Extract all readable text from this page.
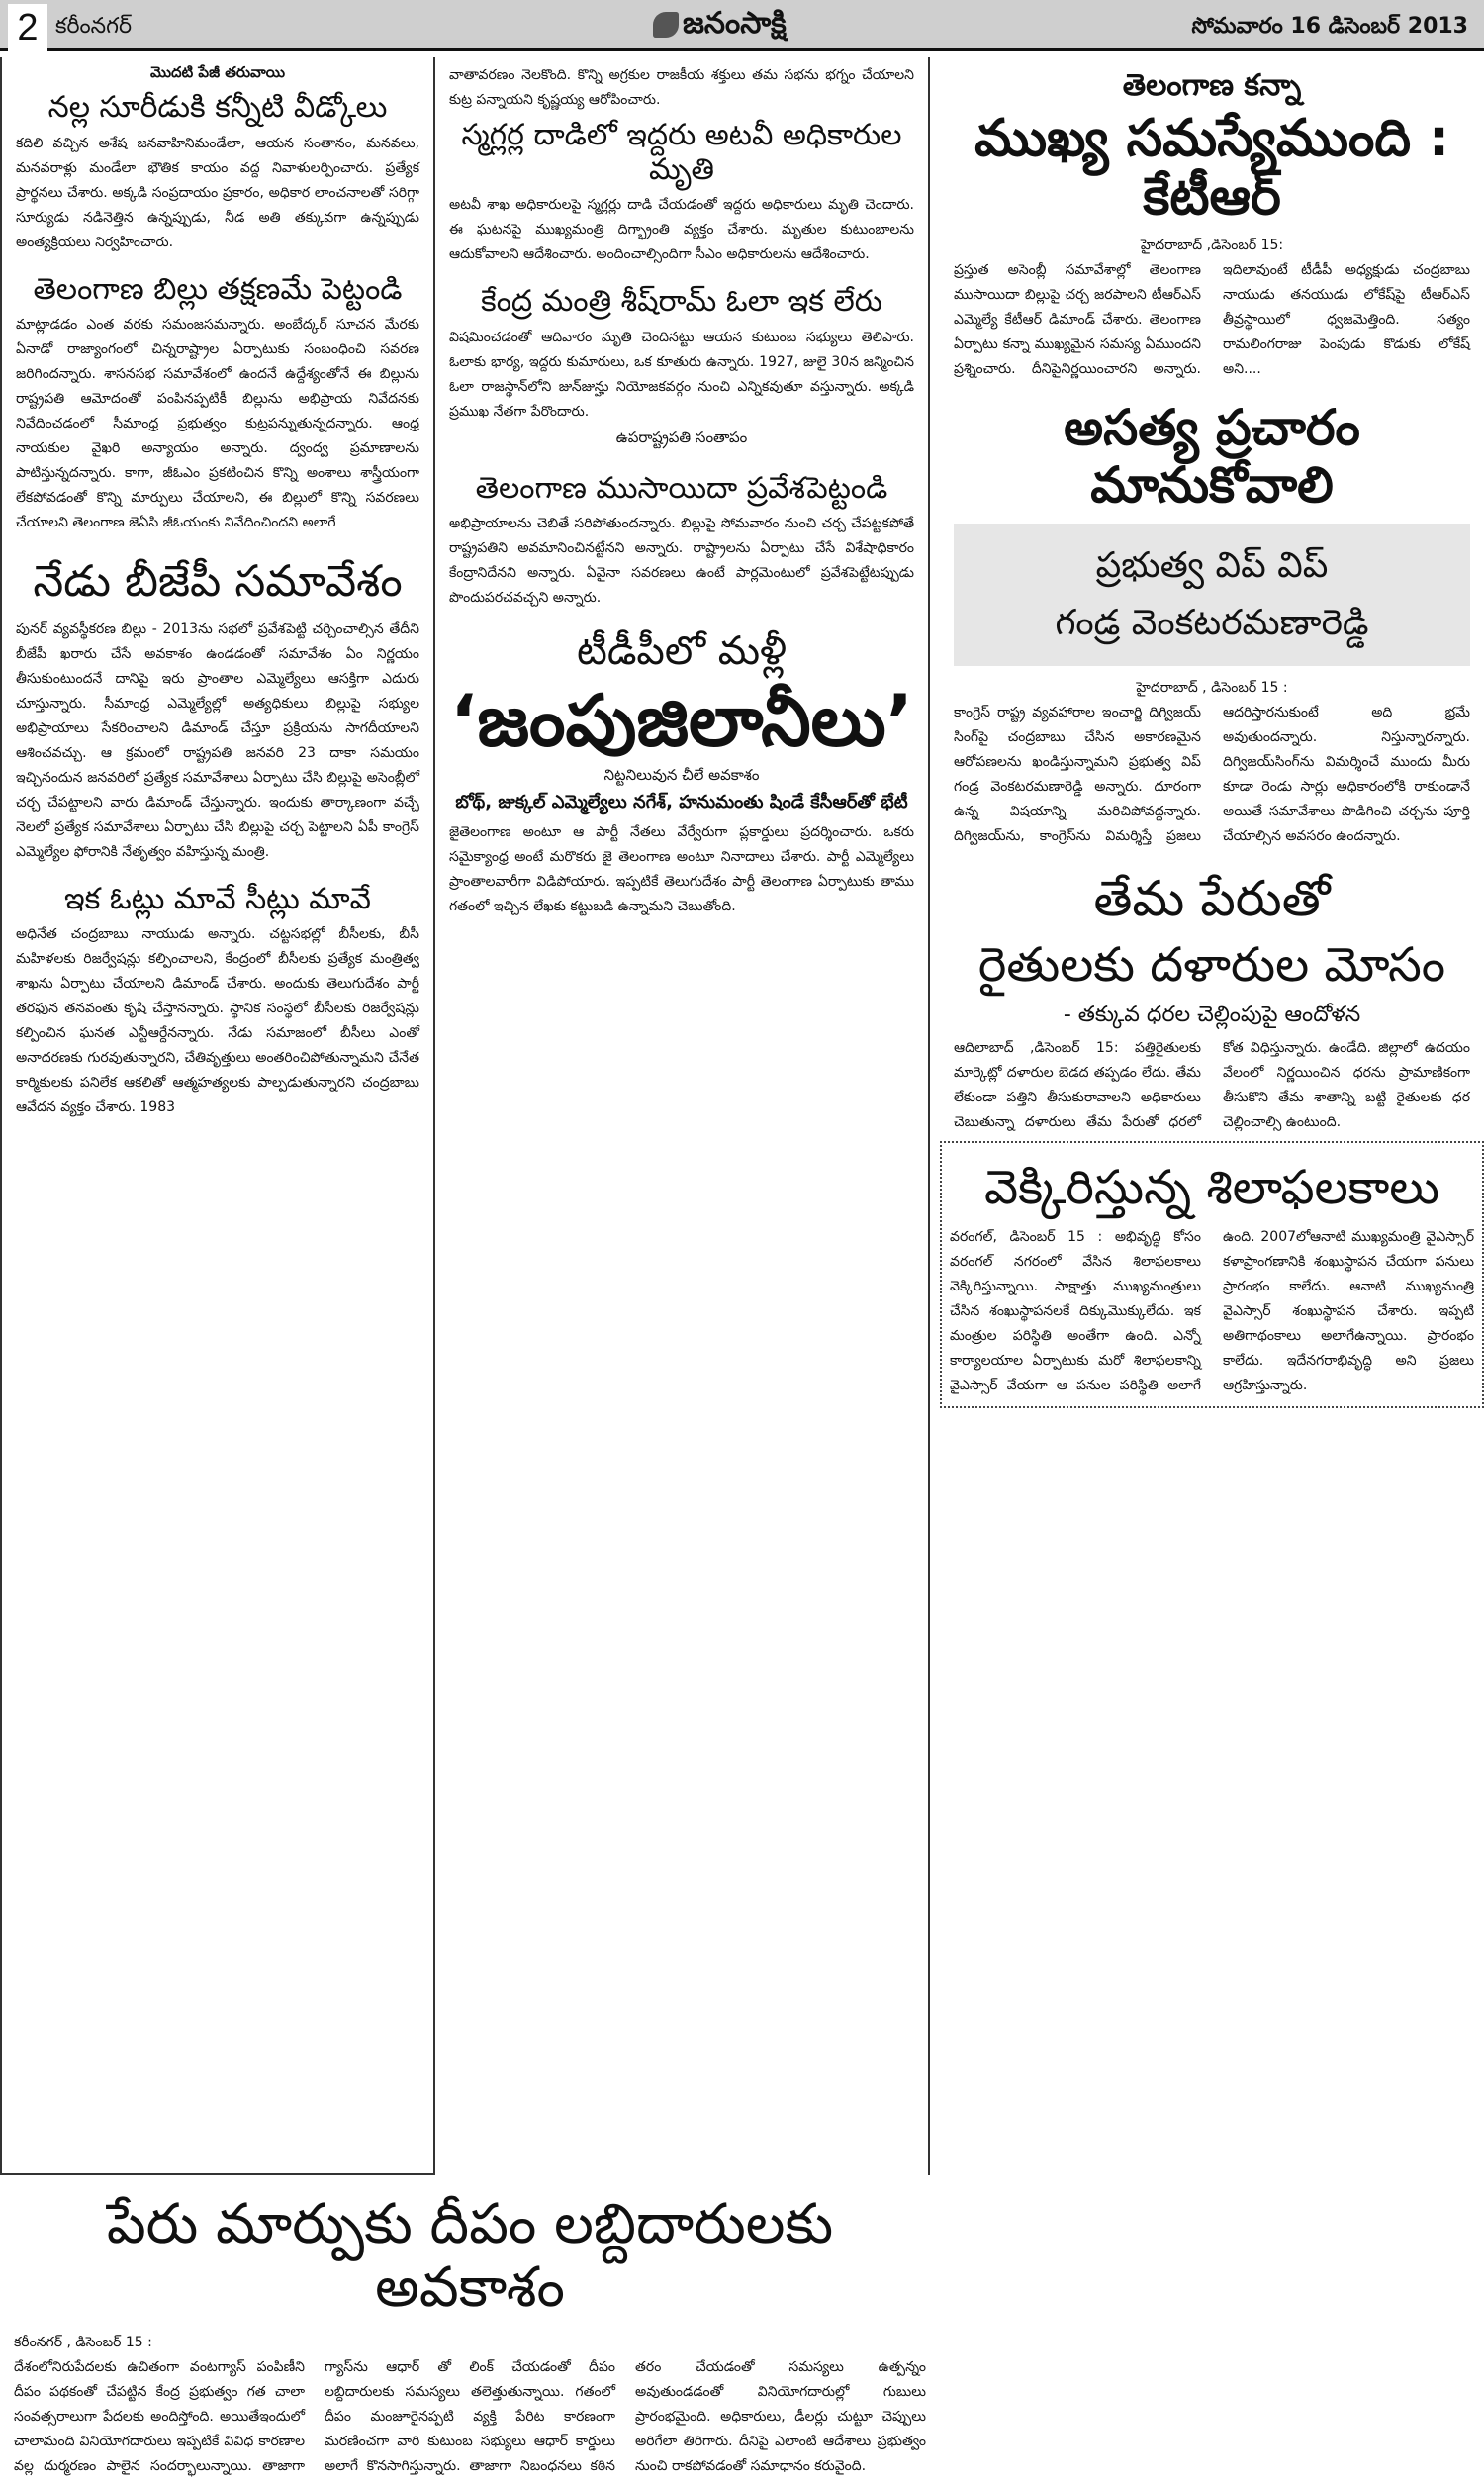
2 కరీంనగర్	జనంసాక్షి	సోమవారం 16 డిసెంబర్ 2013
మొదటి పేజీ తరువాయి
నల్ల సూరీడుకి కన్నీటి వీడ్కోలు

కదిలి వచ్చిన అశేష జనవాహినిమండేలా, ఆయన సంతానం, మనవలు, మనవరాళ్లు మండేలా భౌతిక కాయం వద్ద నివాళులర్పించారు. ప్రత్యేక ప్రార్థనలు చేశారు. అక్కడి సంప్రదాయం ప్రకారం, అధికార లాంచనాలతో సరిగ్గా సూర్యుడు నడినెత్తిన ఉన్నప్పుడు, నీడ అతి తక్కువగా ఉన్నప్పుడు అంత్యక్రియలు నిర్వహించారు.

తెలంగాణ బిల్లు తక్షణమే పెట్టండి

మాట్లాడడం ఎంత వరకు సమంజసమన్నారు. అంబేద్కర్ సూచన మేరకు ఏనాడో రాజ్యాంగంలో చిన్నరాష్ట్రాల ఏర్పాటుకు సంబంధించి సవరణ జరిగిందన్నారు. శాసనసభ సమావేశంలో ఉందనే ఉద్దేశ్యంతోనే ఈ బిల్లును రాష్ట్రపతి ఆమోదంతో పంపినప్పటికీ బిల్లును అభిప్రాయ నివేదనకు నివేదించడంలో సీమాంధ్ర ప్రభుత్వం కుట్రపన్నుతున్నదన్నారు. ఆంధ్ర నాయకుల వైఖరి అన్యాయం అన్నారు. ద్వంద్వ ప్రమాణాలను పాటిస్తున్నదన్నారు. కాగా, జీఓఎం ప్రకటించిన కొన్ని అంశాలు శాస్త్రీయంగా లేకపోవడంతో కొన్ని మార్పులు చేయాలని, ఈ బిల్లులో కొన్ని సవరణలు చేయాలని తెలంగాణ జెఏసి జీఓయంకు నివేదించిందని అలాగే

నేడు బీజేపీ సమావేశం

పునర్ వ్యవస్థీకరణ బిల్లు - 2013ను సభలో ప్రవేశపెట్టి చర్చించాల్సిన తేదీని బీజేపీ ఖరారు చేసే అవకాశం ఉండడంతో సమావేశం ఏం నిర్ణయం తీసుకుంటుందనే దానిపై ఇరు ప్రాంతాల ఎమ్మెల్యేలు ఆసక్తిగా ఎదురు చూస్తున్నారు. సీమాంధ్ర ఎమ్మెల్యేల్లో అత్యధికులు బిల్లుపై సభ్యుల అభిప్రాయాలు సేకరించాలని డిమాండ్ చేస్తూ ప్రక్రియను సాగదీయాలని ఆశించవచ్చు. ఆ క్రమంలో రాష్ట్రపతి జనవరి 23 దాకా సమయం ఇచ్చినందున జనవరిలో ప్రత్యేక సమావేశాలు ఏర్పాటు చేసి బిల్లుపై అసెంబ్లీలో చర్చ చేపట్టాలని వారు డిమాండ్ చేస్తున్నారు. ఇందుకు తార్కాణంగా వచ్చే నెలలో ప్రత్యేక సమావేశాలు ఏర్పాటు చేసి బిల్లుపై చర్చ పెట్టాలని ఏపీ కాంగ్రెస్ ఎమ్మెల్యేల ఫోరానికి నేతృత్వం వహిస్తున్న మంత్రి.

ఇక ఓట్లు మావే సీట్లు మావే

అధినేత చంద్రబాబు నాయుడు అన్నారు. చట్టసభల్లో బీసీలకు, బీసీ మహిళలకు రిజర్వేషన్లు కల్పించాలని, కేంద్రంలో బీసీలకు ప్రత్యేక మంత్రిత్వ శాఖను ఏర్పాటు చేయాలని డిమాండ్ చేశారు. అందుకు తెలుగుదేశం పార్టీ తరఫున తనవంతు కృషి చేస్తానన్నారు. స్థానిక సంస్థలో బీసీలకు రిజర్వేషన్లు కల్పించిన ఘనత ఎన్టీఆర్దేనన్నారు. నేడు సమాజంలో బీసీలు ఎంతో అనాదరణకు గురవుతున్నారని, చేతివృత్తులు అంతరించిపోతున్నామని చేనేత కార్మికులకు పనిలేక ఆకలితో ఆత్మహత్యలకు పాల్పడుతున్నారని చంద్రబాబు ఆవేదన వ్యక్తం చేశారు. 1983

వాతావరణం నెలకొంది. కొన్ని అగ్రకుల రాజకీయ శక్తులు తమ సభను భగ్నం చేయాలని కుట్ర పన్నాయని కృష్ణయ్య ఆరోపించారు.

స్మగ్లర్ల దాడిలో ఇద్దరు అటవీ అధికారుల మృతి

అటవీ శాఖ అధికారులపై స్మగ్లర్లు దాడి చేయడంతో ఇద్దరు అధికారులు మృతి చెందారు. ఈ ఘటనపై ముఖ్యమంత్రి దిగ్భ్రాంతి వ్యక్తం చేశారు. మృతుల కుటుంబాలను ఆదుకోవాలని ఆదేశించారు. అందించాల్సిందిగా సీఎం అధికారులను ఆదేశించారు.

కేంద్ర మంత్రి శీష్‌రామ్ ఓలా ఇక లేరు

విషమించడంతో ఆదివారం మృతి చెందినట్టు ఆయన కుటుంబ సభ్యులు తెలిపారు. ఓలాకు భార్య, ఇద్దరు కుమారులు, ఒక కూతురు ఉన్నారు. 1927, జులై 30న జన్మించిన ఓలా రాజస్థాన్‌లోని జున్‌జున్హు నియోజకవర్గం నుంచి ఎన్నికవుతూ వస్తున్నారు. అక్కడి ప్రముఖ నేతగా పేరొందారు.

ఉపరాష్ట్రపతి సంతాపం
తెలంగాణ ముసాయిదా ప్రవేశపెట్టండి

అభిప్రాయాలను చెబితే సరిపోతుందన్నారు. బిల్లుపై సోమవారం నుంచి చర్చ చేపట్టకపోతే రాష్ట్రపతిని అవమానించినట్టేనని అన్నారు. రాష్ట్రాలను ఏర్పాటు చేసే విశేషాధికారం కేంద్రానిదేనని అన్నారు. ఏవైనా సవరణలు ఉంటే పార్లమెంటులో ప్రవేశపెట్టేటప్పుడు పొందుపరచవచ్చని అన్నారు.

టీడీపీలో మళ్లీ
‘జంపుజిలానీలు’
నిట్టనిలువున చీలే అవకాశం
బోథ్, జుక్కల్ ఎమ్మెల్యేలు నగేశ్, హనుమంతు షిండే కేసీఆర్‌తో భేటీ

జైతెలంగాణ అంటూ ఆ పార్టీ నేతలు వేర్వేరుగా ప్లకార్డులు ప్రదర్శించారు. ఒకరు సమైక్యాంధ్ర అంటే మరొకరు జై తెలంగాణ అంటూ నినాదాలు చేశారు. పార్టీ ఎమ్మెల్యేలు ప్రాంతాలవారీగా విడిపోయారు. ఇప్పటికే తెలుగుదేశం పార్టీ తెలంగాణ ఏర్పాటుకు తాము గతంలో ఇచ్చిన లేఖకు కట్టుబడి ఉన్నామని చెబుతోంది.

తెలంగాణ కన్నా
ముఖ్య సమస్యేముంది : కేటీఆర్
హైదరాబాద్ ,డిసెంబర్ 15:

ప్రస్తుత అసెంబ్లీ సమావేశాల్లో తెలంగాణ ముసాయిదా బిల్లుపై చర్చ జరపాలని టీఆర్ఎస్ ఎమ్మెల్యే కేటీఆర్ డిమాండ్ చేశారు. తెలంగాణ ఏర్పాటు కన్నా ముఖ్యమైన సమస్య ఏముందని ప్రశ్నించారు. దీనిపైనిర్ణయించారని అన్నారు. ఇదిలావుంటే టీడీపీ అధ్యక్షుడు చంద్రబాబు నాయుడు తనయుడు లోకేష్‌పై టీఆర్ఎస్ తీవ్రస్థాయిలో ధ్వజమెత్తింది. సత్యం రామలింగరాజు పెంపుడు కొడుకు లోకేష్ అని....

అసత్య ప్రచారం మానుకోవాలి
ప్రభుత్వ విప్ విప్
గండ్ర వెంకటరమణారెడ్డి
హైదరాబాద్ , డిసెంబర్ 15 :

కాంగ్రెస్ రాష్ట్ర వ్యవహారాల ఇంచార్జి దిగ్విజయ్ సింగ్‌పై చంద్రబాబు చేసిన అకారణమైన ఆరోపణలను ఖండిస్తున్నామని ప్రభుత్వ విప్ గండ్ర వెంకటరమణారెడ్డి అన్నారు. దూరంగా ఉన్న విషయాన్ని మరిచిపోవద్దన్నారు. దిగ్విజయ్‌ను, కాంగ్రెస్‌ను విమర్శిస్తే ప్రజలు ఆదరిస్తారనుకుంటే అది భ్రమే అవుతుందన్నారు. నిస్తున్నారన్నారు. దిగ్విజయ్‌సింగ్‌ను విమర్శించే ముందు మీరు కూడా రెండు సార్లు అధికారంలోకి రాకుండానే అయితే సమావేశాలు పొడిగించి చర్చను పూర్తి చేయాల్సిన అవసరం ఉందన్నారు.

తేమ పేరుతో
రైతులకు దళారుల మోసం
- తక్కువ ధరల చెల్లింపుపై ఆందోళన

ఆదిలాబాద్ ,డిసెంబర్ 15: పత్తిరైతులకు మార్కెట్లో దళారుల బెడద తప్పడం లేదు. తేమ లేకుండా పత్తిని తీసుకురావాలని అధికారులు చెబుతున్నా దళారులు తేమ పేరుతో ధరలో కోత విధిస్తున్నారు. ఉండేది. జిల్లాలో ఉదయం వేలంలో నిర్ణయించిన ధరను ప్రామాణికంగా తీసుకొని తేమ శాతాన్ని బట్టి రైతులకు ధర చెల్లించాల్సి ఉంటుంది.

వెక్కిరిస్తున్న శిలాఫలకాలు

వరంగల్, డిసెంబర్ 15 : అభివృద్ధి కోసం వరంగల్ నగరంలో వేసిన శిలాఫలకాలు వెక్కిరిస్తున్నాయి. సాక్షాత్తు ముఖ్యమంత్రులు చేసిన శంఖుస్థాపనలకే దిక్కుమొక్కులేదు. ఇక మంత్రుల పరిస్థితి అంతేగా ఉంది. ఎన్నో కార్యాలయాల ఏర్పాటుకు మరో శిలాఫలకాన్ని వైఎస్సార్ వేయగా ఆ పనుల పరిస్థితి అలాగే ఉంది. 2007లోఆనాటి ముఖ్యమంత్రి వైఎస్సార్ కళాప్రాంగణానికి శంఖుస్థాపన చేయగా పనులు ప్రారంభం కాలేదు. ఆనాటి ముఖ్యమంత్రి వైఎస్సార్ శంఖుస్థాపన చేశారు. ఇప్పటి అతిగాథంకాలు అలాగేఉన్నాయి. ప్రారంభం కాలేదు. ఇదేనగరాభివృద్ధి అని ప్రజలు ఆగ్రహిస్తున్నారు.

పేరు మార్పుకు దీపం లబ్దిదారులకు అవకాశం
కరీంనగర్ , డిసెంబర్ 15 :

దేశంలోనిరుపేదలకు ఉచితంగా వంటగ్యాస్ పంపిణీని దీపం పథకంతో చేపట్టిన కేంద్ర ప్రభుత్వం గత చాలా సంవత్సరాలుగా పేదలకు అందిస్తోంది. అయితేఇందులో చాలామంది వినియోగదారులు ఇప్పటికే వివిధ కారణాల వల్ల దుర్మరణం పాలైన సందర్భాలున్నాయి. తాజాగా గ్యాస్‌ను ఆధార్ తో లింక్ చేయడంతో దీపం లబ్దిదారులకు సమస్యలు తలెత్తుతున్నాయి. గతంలో దీపం మంజూరైనప్పటి వ్యక్తి పేరిట కారణంగా మరణించగా వారి కుటుంబ సభ్యులు ఆధార్ కార్డులు అలాగే కొనసాగిస్తున్నారు. తాజాగా నిబంధనలు కఠిన తరం చేయడంతో సమస్యలు ఉత్పన్నం అవుతుండడంతో వినియోగదారుల్లో గుబులు ప్రారంభమైంది. అధికారులు, డీలర్లు చుట్టూ చెప్పులు అరిగేలా తిరిగారు. దీనిపై ఎలాంటి ఆదేశాలు ప్రభుత్వం నుంచి రాకపోవడంతో సమాధానం కరువైంది.
